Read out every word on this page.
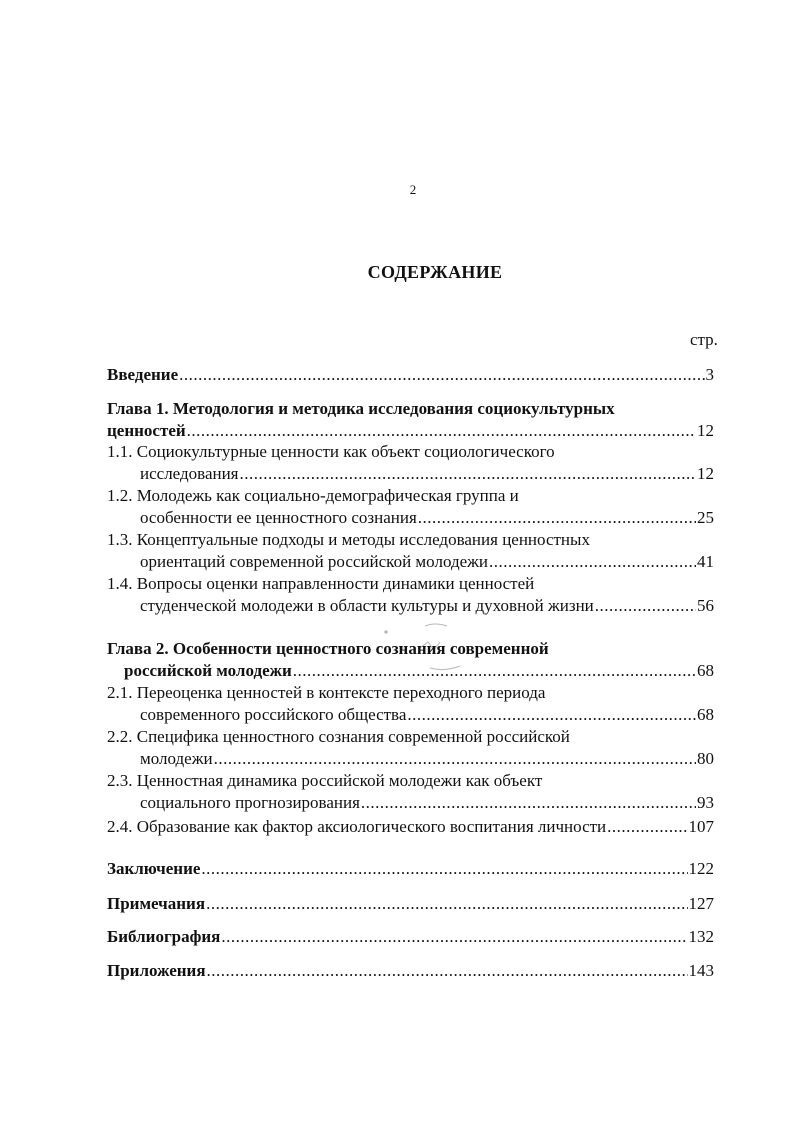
2
СОДЕРЖАНИЕ
стр.
Введение .....	3
Глава 1. Методология и методика исследования социокультурных
ценностей .....	12
1.1. Социокультурные ценности как объект социологического
исследования .....	12
1.2. Молодежь как социально-демографическая группа и
особенности ее ценностного сознания .....	25
1.3. Концептуальные подходы и методы исследования ценностных
ориентаций современной российской молодежи .....	41
1.4. Вопросы оценки направленности динамики ценностей
студенческой молодежи в области культуры и духовной жизни .....	56
Глава 2. Особенности ценностного сознания современной
российской молодежи .....	68
2.1. Переоценка ценностей в контексте переходного периода
современного российского общества .....	68
2.2. Специфика ценностного сознания современной российской
молодежи .....	80
2.3. Ценностная динамика российской молодежи как объект
социального прогнозирования .....	93
2.4. Образование как фактор аксиологического воспитания личности .....	107
Заключение .....	122
Примечания .....	127
Библиография .....	132
Приложения .....	143
